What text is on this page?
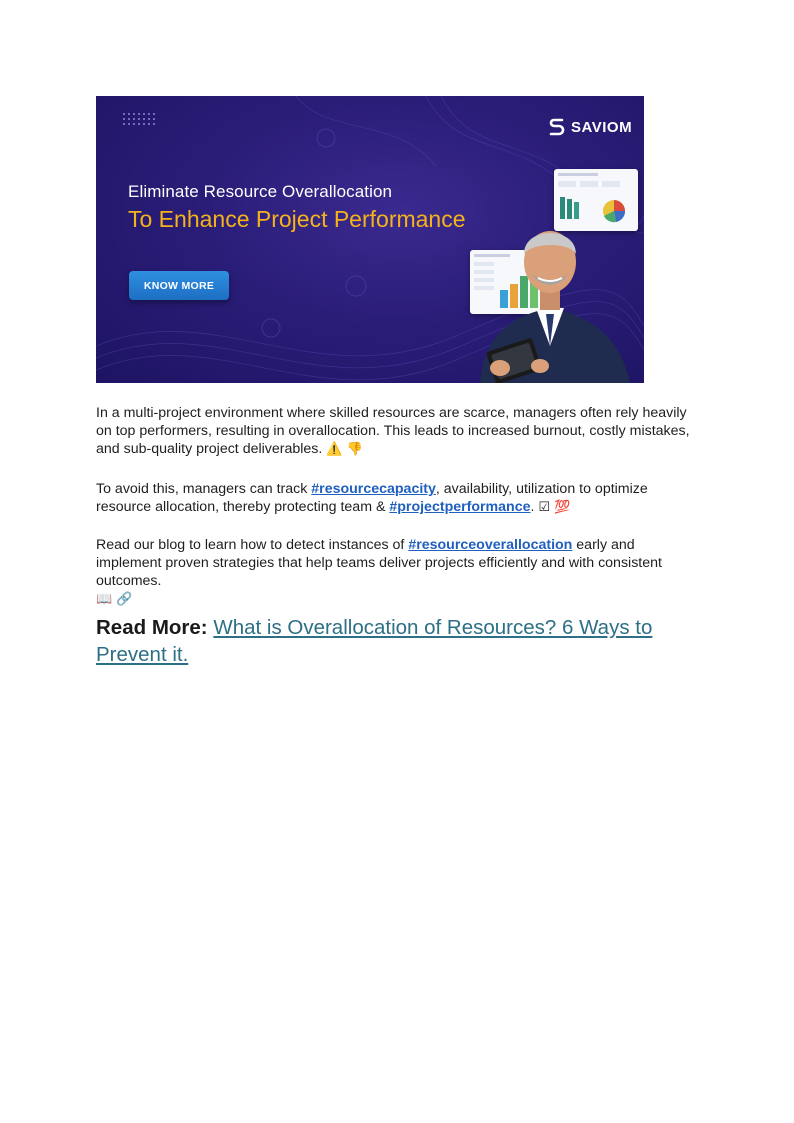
SAVIOM
Eliminate Resource Overallocation
To Enhance Project Performance
KNOW MORE

In a multi-project environment where skilled resources are scarce, managers often rely heavily on top performers, resulting in overallocation. This leads to increased burnout, costly mistakes, and sub-quality project deliverables. ⚠️ 👎

To avoid this, managers can track #resourcecapacity, availability, utilization to optimize resource allocation, thereby protecting team & #projectperformance. ☑ 💯

Read our blog to learn how to detect instances of #resourceoverallocation early and implement proven strategies that help teams deliver projects efficiently and with consistent outcomes.
📖 🔗

Read More: What is Overallocation of Resources? 6 Ways to Prevent it.
